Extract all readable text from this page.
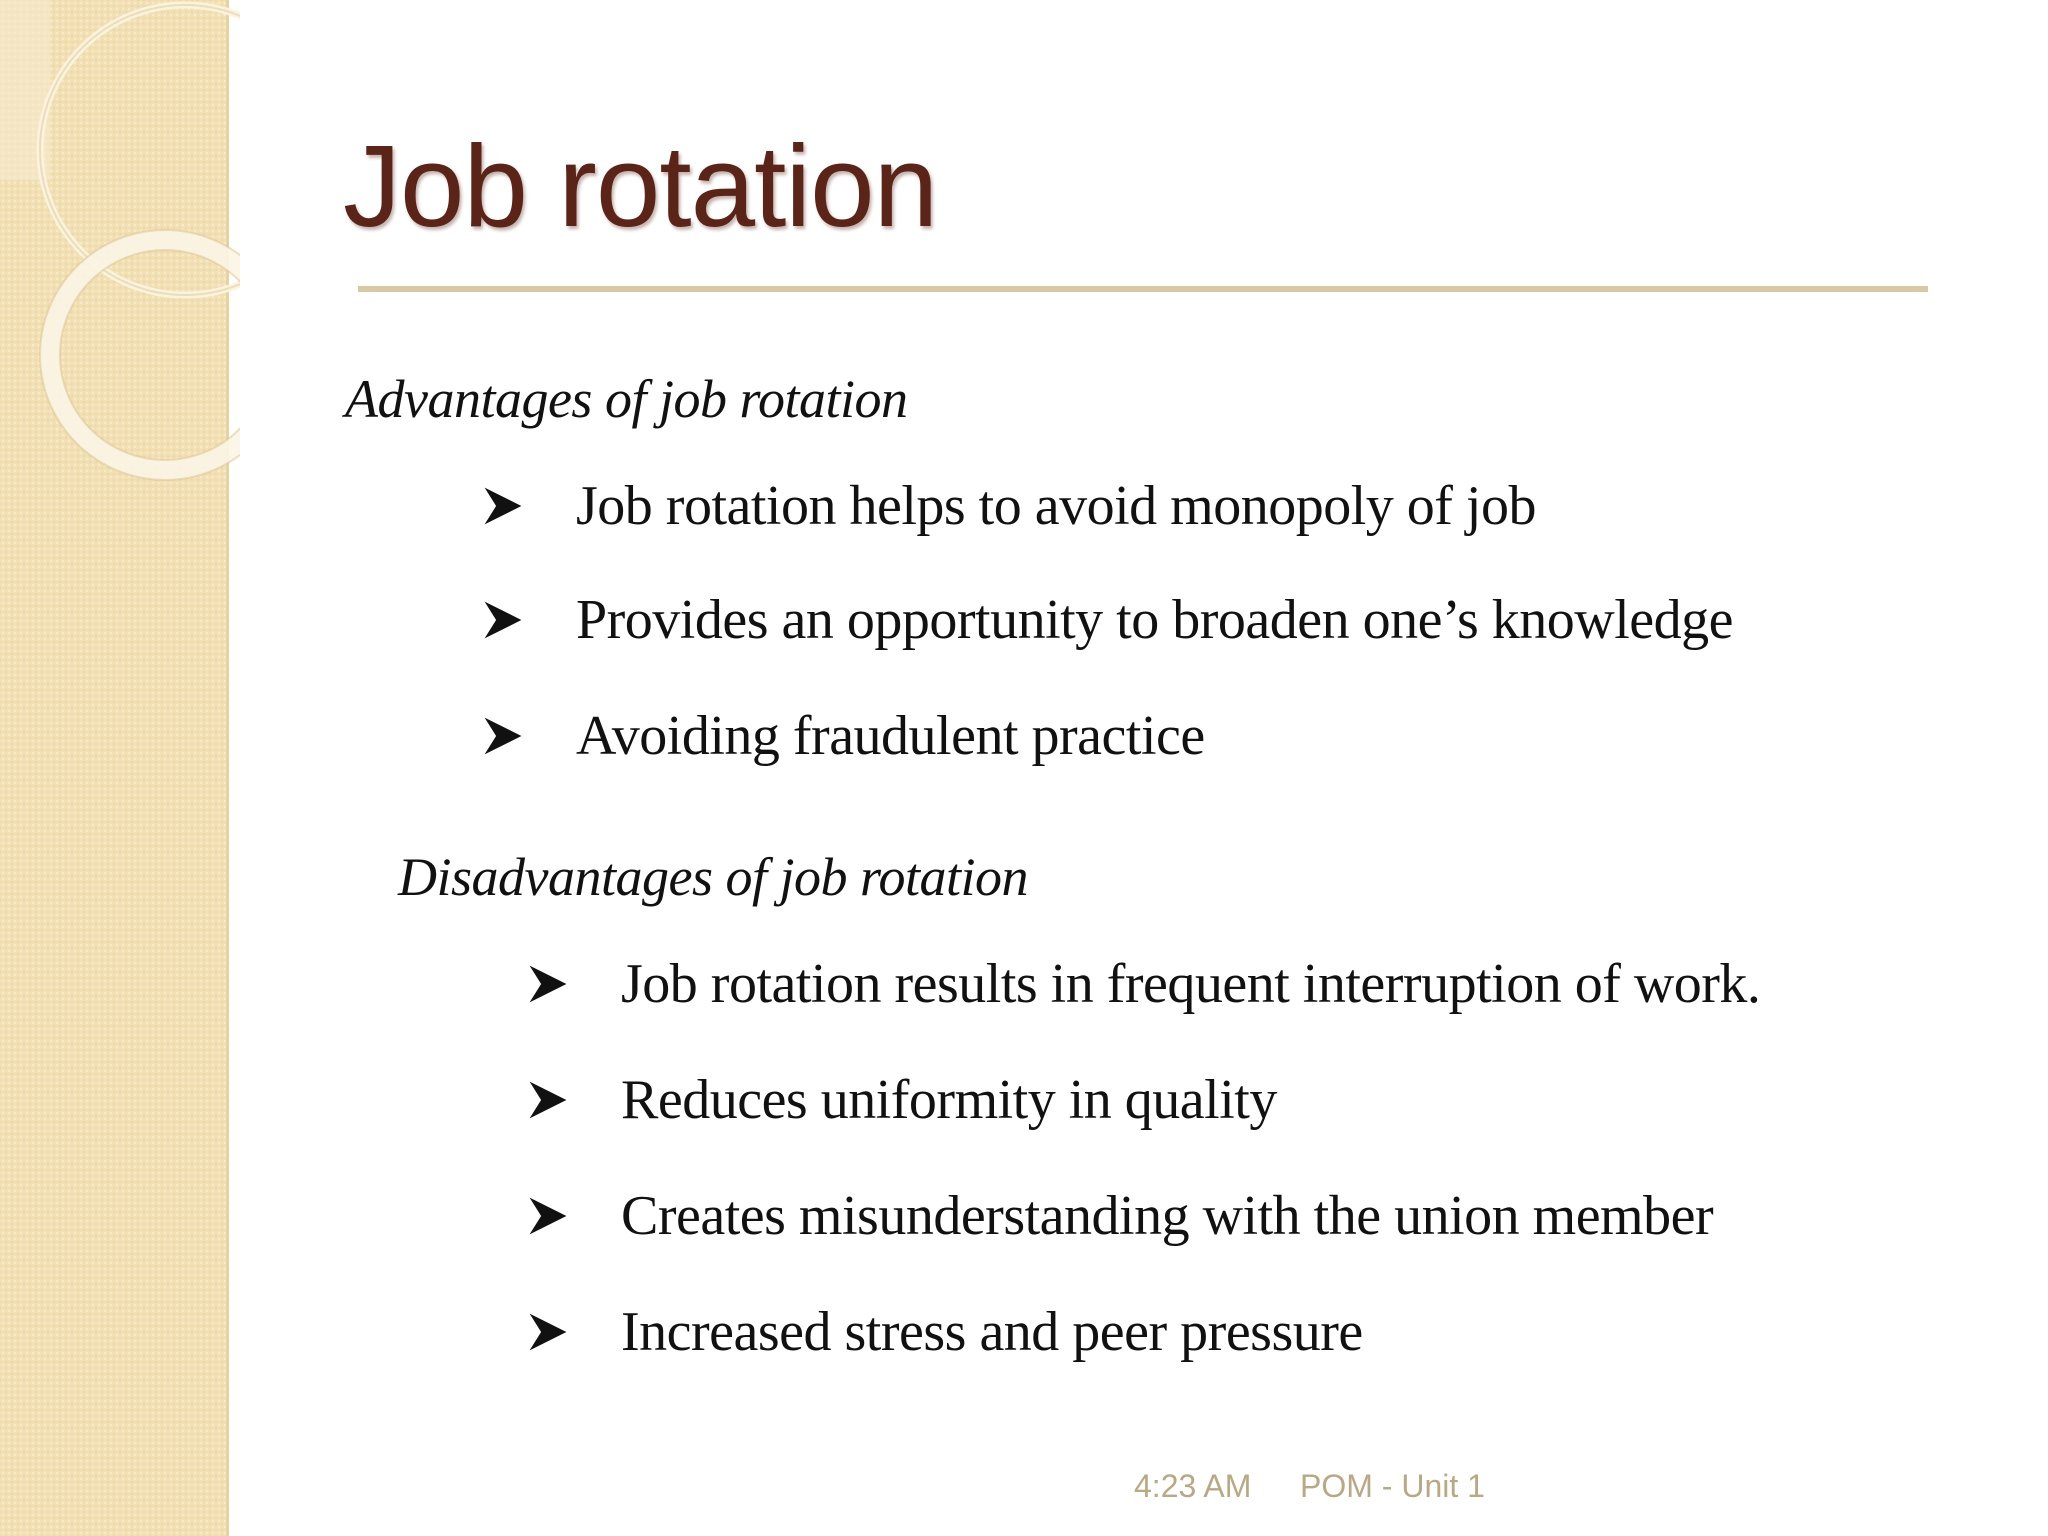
Job rotation

Advantages of job rotation

Job rotation helps to avoid monopoly of job
Provides an opportunity to broaden one’s knowledge
Avoiding fraudulent practice

Disadvantages of job rotation

Job rotation results in frequent interruption of work.
Reduces uniformity in quality
Creates misunderstanding with the union member
Increased stress and peer pressure
4:23 AM POM - Unit 1
